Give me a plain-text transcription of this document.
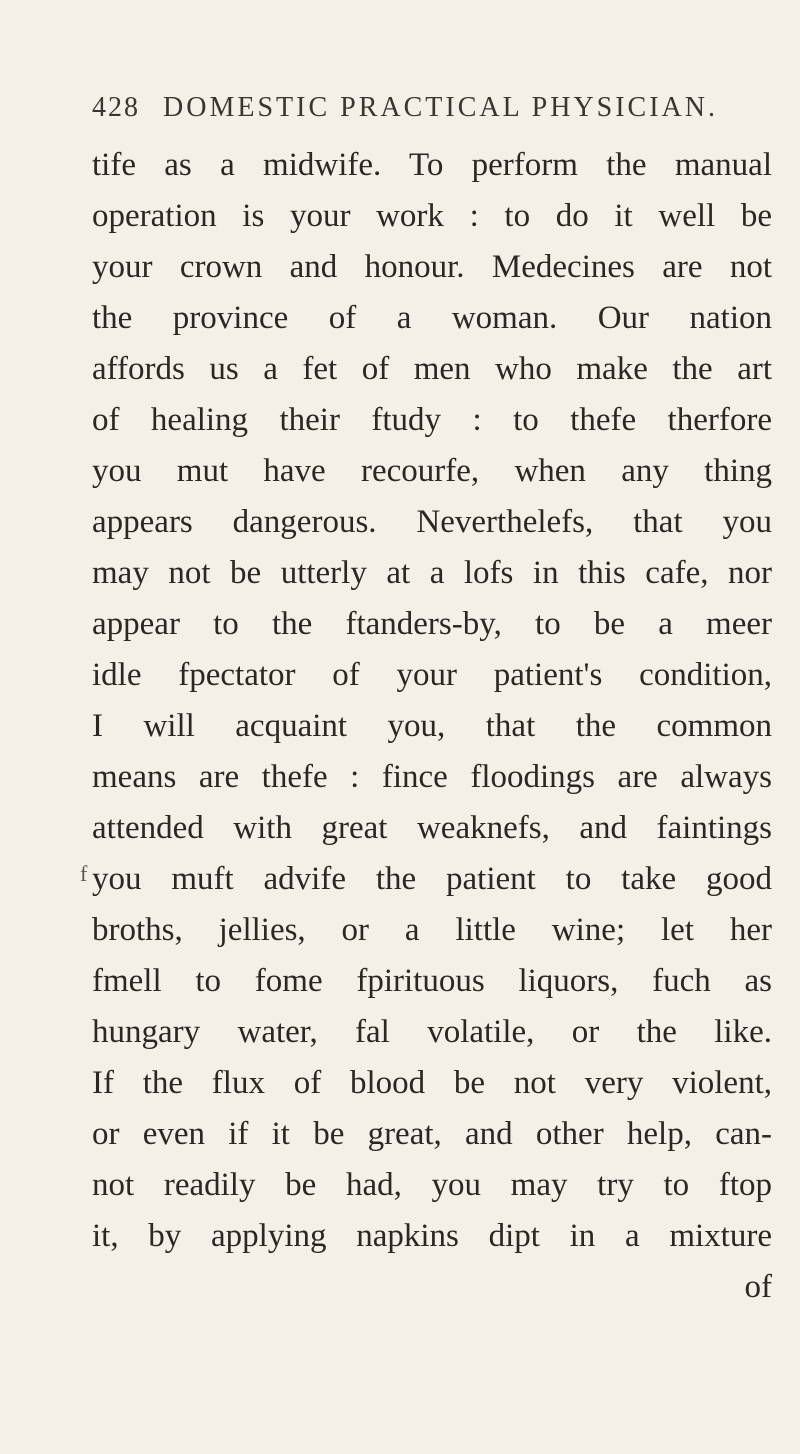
428 DOMESTIC PRACTICAL PHYSICIAN.
tife as a midwife. To perform the manual
operation is your work : to do it well be
your crown and honour. Medecines are not
the province of a woman. Our nation
affords us a fet of men who make the art
of healing their ftudy : to thefe therfore
you mut have recourfe, when any thing
appears dangerous. Neverthelefs, that you
may not be utterly at a lofs in this cafe, nor
appear to the ftanders-by, to be a meer
idle fpectator of your patient's condition,
I will acquaint you, that the common
means are thefe : fince floodings are always
attended with great weaknefs, and faintings
f you muft advife the patient to take good
broths, jellies, or a little wine; let her
fmell to fome fpirituous liquors, fuch as
hungary water, fal volatile, or the like.
If the flux of blood be not very violent,
or even if it be great, and other help, can-
not readily be had, you may try to ftop
it, by applying napkins dipt in a mixture
of
